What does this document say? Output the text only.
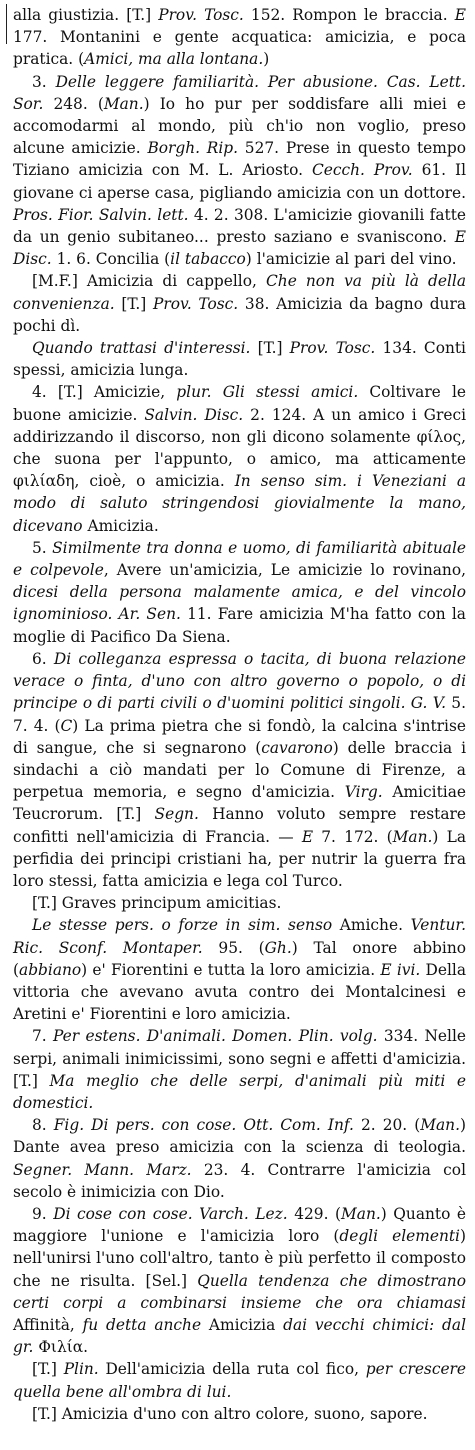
alla giustizia. [T.] Prov. Tosc. 152. Rompon le braccia. E 177. Montanini e gente acquatica: amicizia, e poca pratica. (Amici, ma alla lontana.)

3. Delle leggere familiarità. Per abusione. Cas. Lett. Sor. 248. (Man.) Io ho pur per soddisfare alli miei e accomodarmi al mondo, più ch'io non voglio, preso alcune amicizie. Borgh. Rip. 527. Prese in questo tempo Tiziano amicizia con M. L. Ariosto. Cecch. Prov. 61. Il giovane ci aperse casa, pigliando amicizia con un dottore. Pros. Fior. Salvin. lett. 4. 2. 308. L'amicizie giovanili fatte da un genio subitaneo... presto saziano e svaniscono. E Disc. 1. 6. Concilia (il tabacco) l'amicizie al pari del vino.

[M.F.] Amicizia di cappello, Che non va più là della convenienza. [T.] Prov. Tosc. 38. Amicizia da bagno dura pochi dì.

Quando trattasi d'interessi. [T.] Prov. Tosc. 134. Conti spessi, amicizia lunga.

4. [T.] Amicizie, plur. Gli stessi amici. Coltivare le buone amicizie. Salvin. Disc. 2. 124. A un amico i Greci addirizzando il discorso, non gli dicono solamente φίλος, che suona per l'appunto, o amico, ma atticamente φιλίαδη, cioè, o amicizia. In senso sim. i Veneziani a modo di saluto stringendosi giovialmente la mano, dicevano Amicizia.

5. Similmente tra donna e uomo, di familiarità abituale e colpevole, Avere un'amicizia, Le amicizie lo rovinano, dicesi della persona malamente amica, e del vincolo ignominioso. Ar. Sen. 11. Fare amicizia M'ha fatto con la moglie di Pacifico Da Siena.

6. Di colleganza espressa o tacita, di buona relazione verace o finta, d'uno con altro governo o popolo, o di principe o di parti civili o d'uomini politici singoli. G. V. 5. 7. 4. (C) La prima pietra che si fondò, la calcina s'intrise di sangue, che si segnarono (cavarono) delle braccia i sindachi a ciò mandati per lo Comune di Firenze, a perpetua memoria, e segno d'amicizia. Virg. Amicitiae Teucrorum. [T.] Segn. Hanno voluto sempre restare confitti nell'amicizia di Francia. — E 7. 172. (Man.) La perfidia dei principi cristiani ha, per nutrir la guerra fra loro stessi, fatta amicizia e lega col Turco.

[T.] Graves principum amicitias.

Le stesse pers. o forze in sim. senso Amiche. Ventur. Ric. Sconf. Montaper. 95. (Gh.) Tal onore abbino (abbiano) e' Fiorentini e tutta la loro amicizia. E ivi. Della vittoria che avevano avuta contro dei Montalcinesi e Aretini e' Fiorentini e loro amicizia.

7. Per estens. D'animali. Domen. Plin. volg. 334. Nelle serpi, animali inimicissimi, sono segni e affetti d'amicizia. [T.] Ma meglio che delle serpi, d'animali più miti e domestici.

8. Fig. Di pers. con cose. Ott. Com. Inf. 2. 20. (Man.) Dante avea preso amicizia con la scienza di teologia. Segner. Mann. Marz. 23. 4. Contrarre l'amicizia col secolo è inimicizia con Dio.

9. Di cose con cose. Varch. Lez. 429. (Man.) Quanto è maggiore l'unione e l'amicizia loro (degli elementi) nell'unirsi l'uno coll'altro, tanto è più perfetto il composto che ne risulta. [Sel.] Quella tendenza che dimostrano certi corpi a combinarsi insieme che ora chiamasi Affinità, fu detta anche Amicizia dai vecchi chimici: dal gr. Φιλία.

[T.] Plin. Dell'amicizia della ruta col fico, per crescere quella bene all'ombra di lui.

[T.] Amicizia d'uno con altro colore, suono, sapore.
